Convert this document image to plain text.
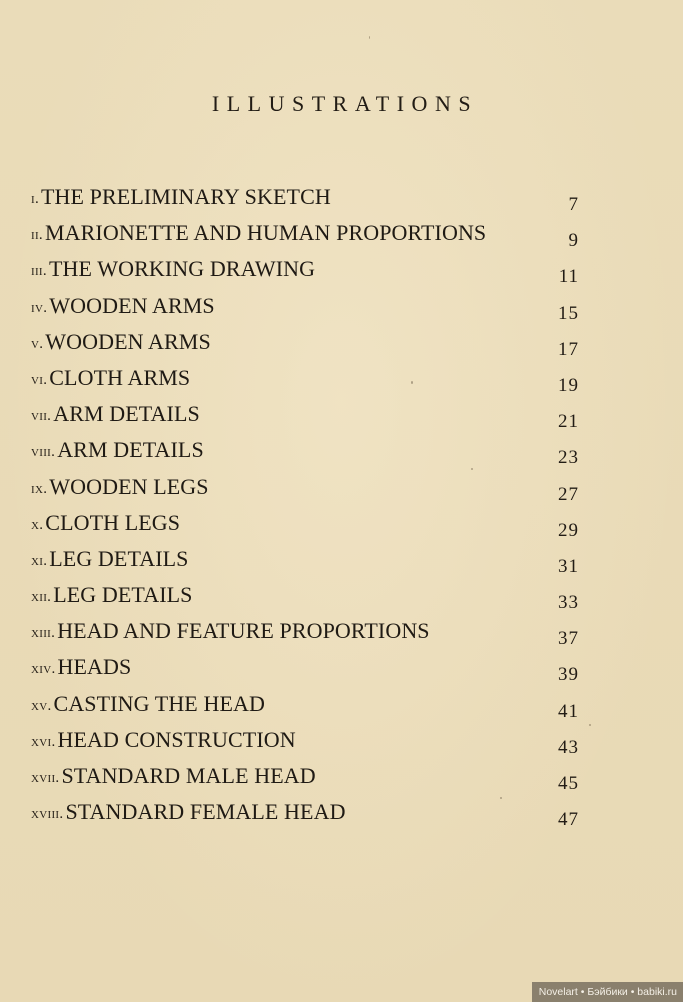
ILLUSTRATIONS
i. THE PRELIMINARY SKETCH	7
ii. MARIONETTE AND HUMAN PROPORTIONS	9
iii. THE WORKING DRAWING	11
iv. WOODEN ARMS	15
v. WOODEN ARMS	17
vi. CLOTH ARMS	19
vii. ARM DETAILS	21
viii. ARM DETAILS	23
ix. WOODEN LEGS	27
x. CLOTH LEGS	29
xi. LEG DETAILS	31
xii. LEG DETAILS	33
xiii. HEAD AND FEATURE PROPORTIONS	37
xiv. HEADS	39
xv. CASTING THE HEAD	41
xvi. HEAD CONSTRUCTION	43
xvii. STANDARD MALE HEAD	45
xviii. STANDARD FEMALE HEAD	47
Novelart • Бэйбики • babiki.ru
